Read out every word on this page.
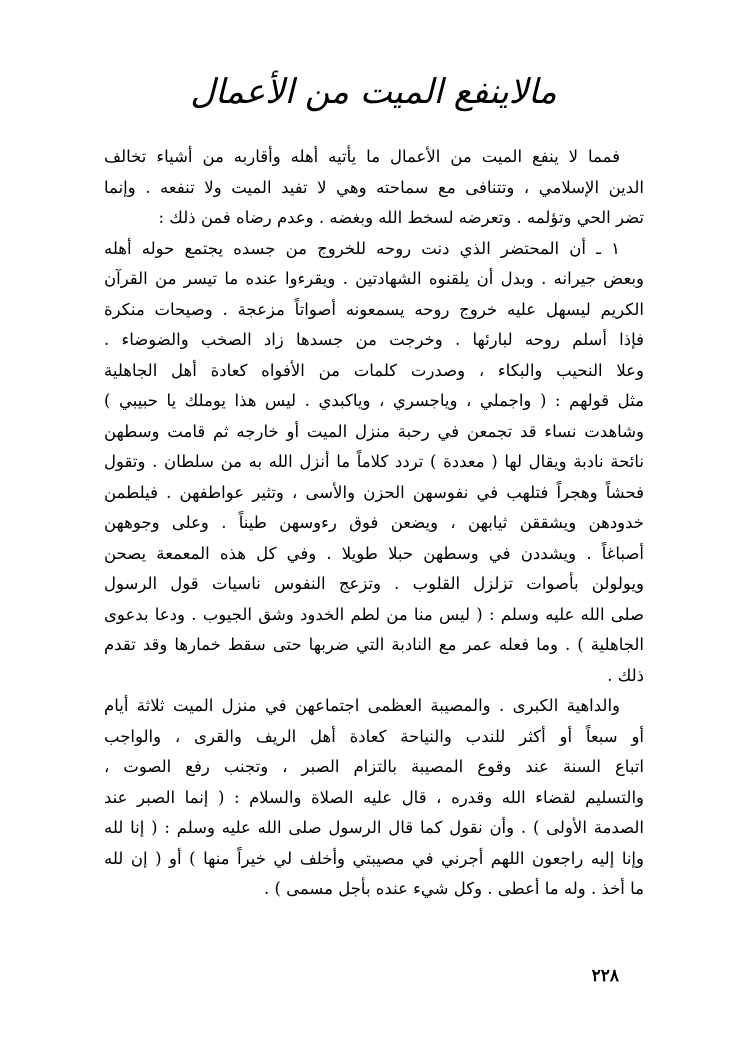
مالاينفع الميت من الأعمال
فمما لا ينفع الميت من الأعمال ما يأتيه أهله وأقاربه من أشياء تخالف
الدين الإسلامي ، وتتنافى مع سماحته وهي لا تفيد الميت ولا تنفعه . وإنما
تضر الحي وتؤلمه . وتعرضه لسخط الله وبغضه . وعدم رضاه فمن ذلك :
١ ـ أن المحتضر الذي دنت روحه للخروج من جسده يجتمع حوله أهله
وبعض جيرانه . وبدل أن يلقنوه الشهادتين . ويقرءوا عنده ما تيسر من القرآن
الكريم ليسهل عليه خروج روحه يسمعونه أصواتاً مزعجة . وصيحات منكرة
فإذا أسلم روحه لبارئها . وخرجت من جسدها زاد الصخب والضوضاء .
وعلا النحيب والبكاء ، وصدرت كلمات من الأفواه كعادة أهل الجاهلية
مثل قولهم : ( واجملي ، وياجسري ، وياكبدي . ليس هذا يوملك يا حبيبي )
وشاهدت نساء قد تجمعن في رحبة منزل الميت أو خارجه ثم قامت وسطهن
نائحة نادبة ويقال لها ( معددة ) تردد كلاماً ما أنزل الله به من سلطان . وتقول
فحشاً وهجراً فتلهب في نفوسهن الحزن والأسى ، وتثير عواطفهن . فيلطمن
خدودهن ويشققن ثيابهن ، ويضعن فوق رءوسهن طيناً . وعلى وجوههن
أصباغاً . ويشددن في وسطهن حبلا طويلا . وفي كل هذه المعمعة يصحن
ويولولن بأصوات تزلزل القلوب . وتزعج النفوس ناسيات قول الرسول
صلى الله عليه وسلم : ( ليس منا من لطم الخدود وشق الجيوب . ودعا بدعوى
الجاهلية ) . وما فعله عمر مع النادبة التي ضربها حتى سقط خمارها وقد تقدم
ذلك .
والداهية الكبرى . والمصيبة العظمى اجتماعهن في منزل الميت ثلاثة أيام
أو سبعاً أو أكثر للندب والنياحة كعادة أهل الريف والقرى ، والواجب
اتباع السنة عند وقوع المصيبة بالتزام الصبر ، وتجنب رفع الصوت ،
والتسليم لقضاء الله وقدره ، قال عليه الصلاة والسلام : ( إنما الصبر عند
الصدمة الأولى ) . وأن نقول كما قال الرسول صلى الله عليه وسلم : ( إنا لله
وإنا إليه راجعون اللهم أجرني في مصيبتي وأخلف لي خيراً منها ) أو ( إن لله
ما أخذ . وله ما أعطى . وكل شيء عنده بأجل مسمى ) .
٢٢٨
